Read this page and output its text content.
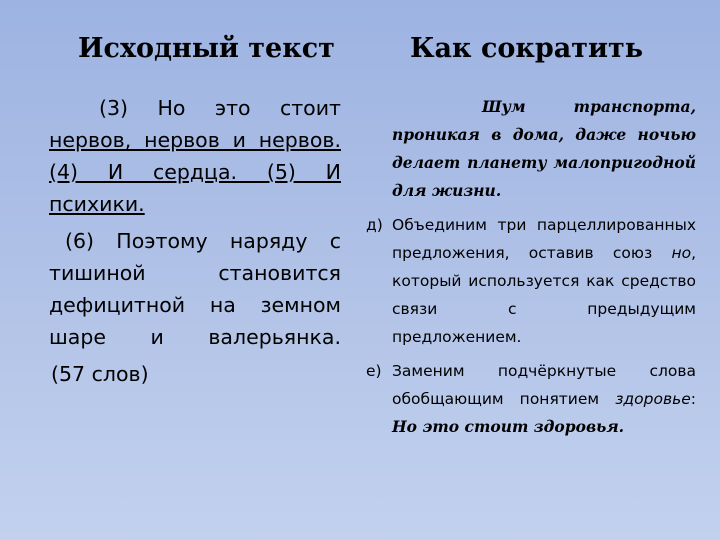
Исходный текст	Как сократить

(3) Но это стоит нервов, нервов и нервов. (4) И сердца. (5) И психики.

(6) Поэтому наряду с тишиной становится дефицитной на земном шаре и валерьянка.

(57 слов)

Шум транспорта, проникая в дома, даже ночью делает планету малопригодной для жизни.

д) Объединим три парцеллированных предложения, оставив союз но, который используется как средство связи с предыдущим предложением.
е) Заменим подчёркнутые слова обобщающим понятием здоровье: Но это стоит здоровья.
